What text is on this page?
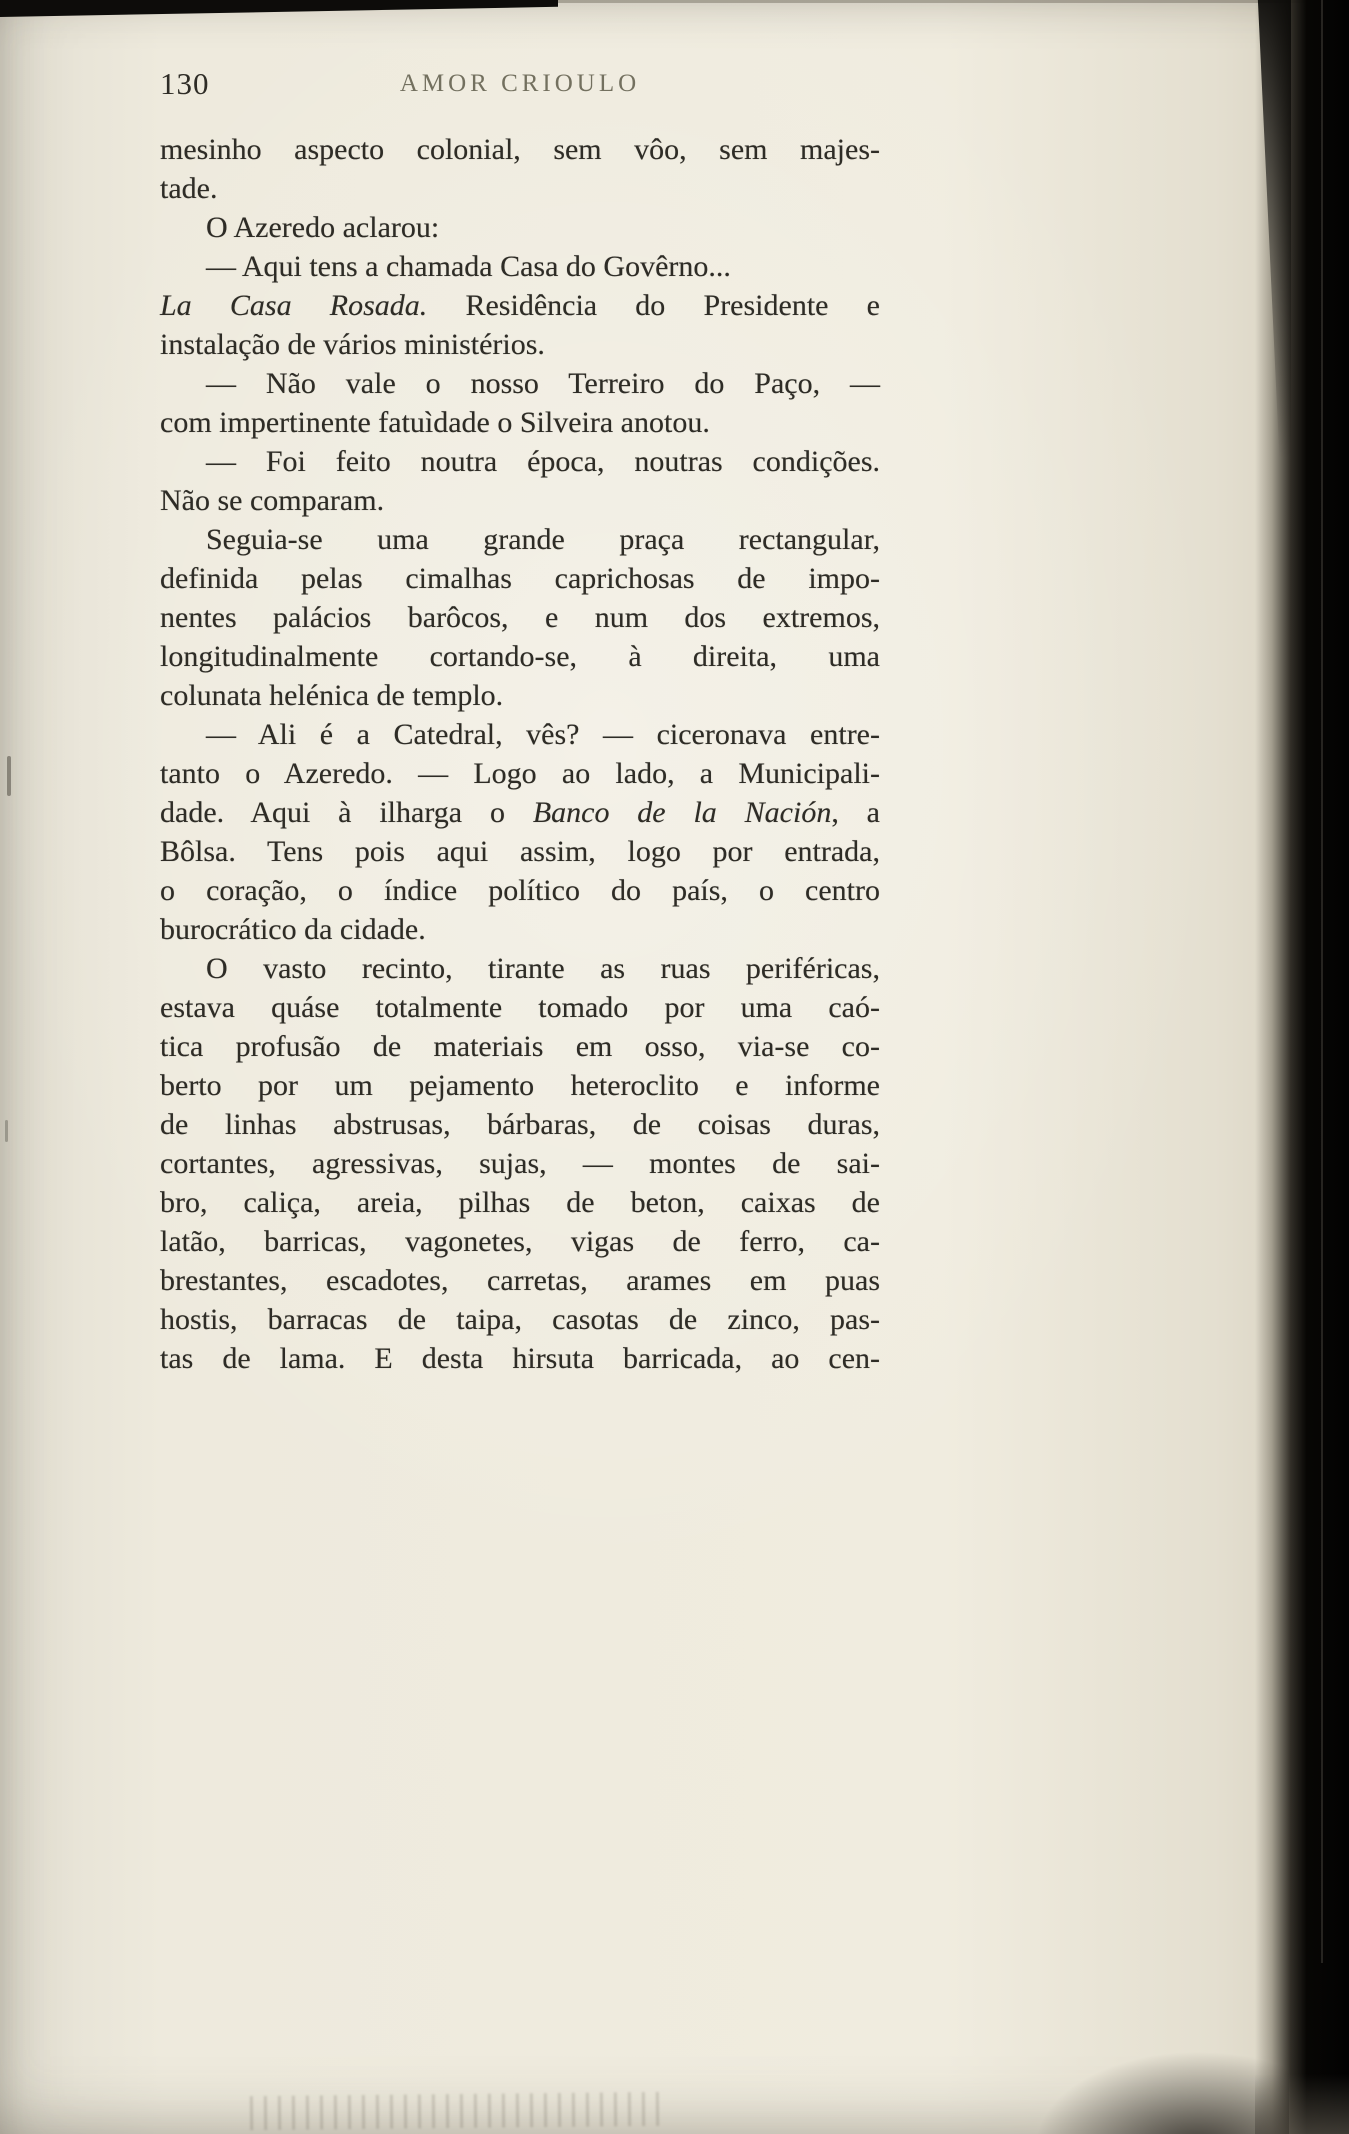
130	AMOR CRIOULO
mesinho aspecto colonial, sem vôo, sem majes-
tade.
O Azeredo aclarou:
— Aqui tens a chamada Casa do Govêrno...
La Casa Rosada. Residência do Presidente e
instalação de vários ministérios.
— Não vale o nosso Terreiro do Paço, —
com impertinente fatuìdade o Silveira anotou.
— Foi feito noutra época, noutras condições.
Não se comparam.
Seguia-se uma grande praça rectangular,
definida pelas cimalhas caprichosas de impo-
nentes palácios barôcos, e num dos extremos,
longitudinalmente cortando-se, à direita, uma
colunata helénica de templo.
— Ali é a Catedral, vês? — ciceronava entre-
tanto o Azeredo. — Logo ao lado, a Municipali-
dade. Aqui à ilharga o Banco de la Nación, a
Bôlsa. Tens pois aqui assim, logo por entrada,
o coração, o índice político do país, o centro
burocrático da cidade.
O vasto recinto, tirante as ruas periféricas,
estava quáse totalmente tomado por uma caó-
tica profusão de materiais em osso, via-se co-
berto por um pejamento heteroclito e informe
de linhas abstrusas, bárbaras, de coisas duras,
cortantes, agressivas, sujas, — montes de sai-
bro, caliça, areia, pilhas de beton, caixas de
latão, barricas, vagonetes, vigas de ferro, ca-
brestantes, escadotes, carretas, arames em puas
hostis, barracas de taipa, casotas de zinco, pas-
tas de lama. E desta hirsuta barricada, ao cen-
